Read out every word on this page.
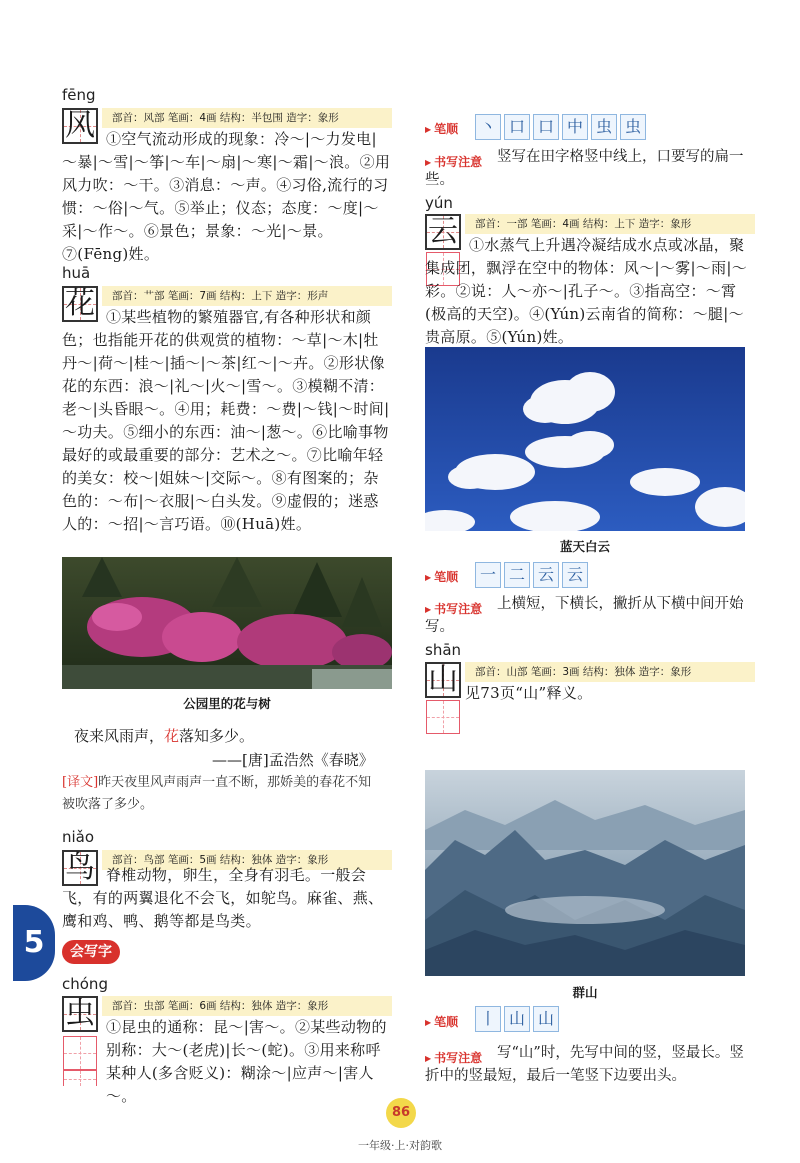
fēng
风	部首：风部 笔画：4画 结构：半包围 造字：象形
①空气流动形成的现象：冷～|～力发电|～暴|～雪|～筝|～车|～扇|～寒|～霜|～浪。②用风力吹：～干。③消息：～声。④习俗,流行的习惯：～俗|～气。⑤举止；仪态；态度：～度|～采|～作～。⑥景色；景象：～光|～景。⑦(Fēng)姓。
huā
花	部首：艹部 笔画：7画 结构：上下 造字：形声
①某些植物的繁殖器官,有各种形状和颜色；也指能开花的供观赏的植物：～草|～木|牡丹～|荷～|桂～|插～|～茶|红～|～卉。②形状像花的东西：浪～|礼～|火～|雪～。③模糊不清：老～|头昏眼～。④用；耗费：～费|～钱|～时间|～功夫。⑤细小的东西：油～|葱～。⑥比喻事物最好的或最重要的部分：艺术之～。⑦比喻年轻的美女：校～|姐妹～|交际～。⑧有图案的；杂色的：～布|～衣服|～白头发。⑨虚假的；迷惑人的：～招|～言巧语。⑩(Huā)姓。
公园里的花与树
夜来风雨声，花落知多少。
——[唐]孟浩然《春晓》
[译文]昨天夜里风声雨声一直不断，那娇美的春花不知被吹落了多少。
niǎo
鸟	部首：鸟部 笔画：5画 结构：独体 造字：象形
脊椎动物，卵生，全身有羽毛。一般会飞，有的两翼退化不会飞，如鸵鸟。麻雀、燕、鹰和鸡、鸭、鹅等都是鸟类。
chóng
虫	部首：虫部 笔画：6画 结构：独体 造字：象形
①昆虫的通称：昆～|害～。②某些动物的别称：大～(老虎)|长～(蛇)。③用来称呼某种人(多含贬义)：糊涂～|应声～|害人～。
5	会写字
▶ 笔顺	丶 口 口 中 虫 虫
▶ 书写注意	竖写在田字格竖中线上，口要写的扁一些。
yún
云	部首：一部 笔画：4画 结构：上下 造字：象形
①水蒸气上升遇冷凝结成水点或冰晶，聚集成团，飘浮在空中的物体：风～|～雾|～雨|～彩。②说：人～亦～|孔子～。③指高空：～霄(极高的天空)。④(Yún)云南省的简称：～腿|～贵高原。⑤(Yún)姓。
蓝天白云
▶ 笔顺	一 二 云 云
▶ 书写注意	上横短，下横长，撇折从下横中间开始写。
shān
山	部首：山部 笔画：3画 结构：独体 造字：象形
见73页“山”释义。
群山
▶ 笔顺	丨 山 山
▶ 书写注意	写“山”时，先写中间的竖，竖最长。竖折中的竖最短，最后一笔竖下边要出头。
86
一年级·上·对韵歌
